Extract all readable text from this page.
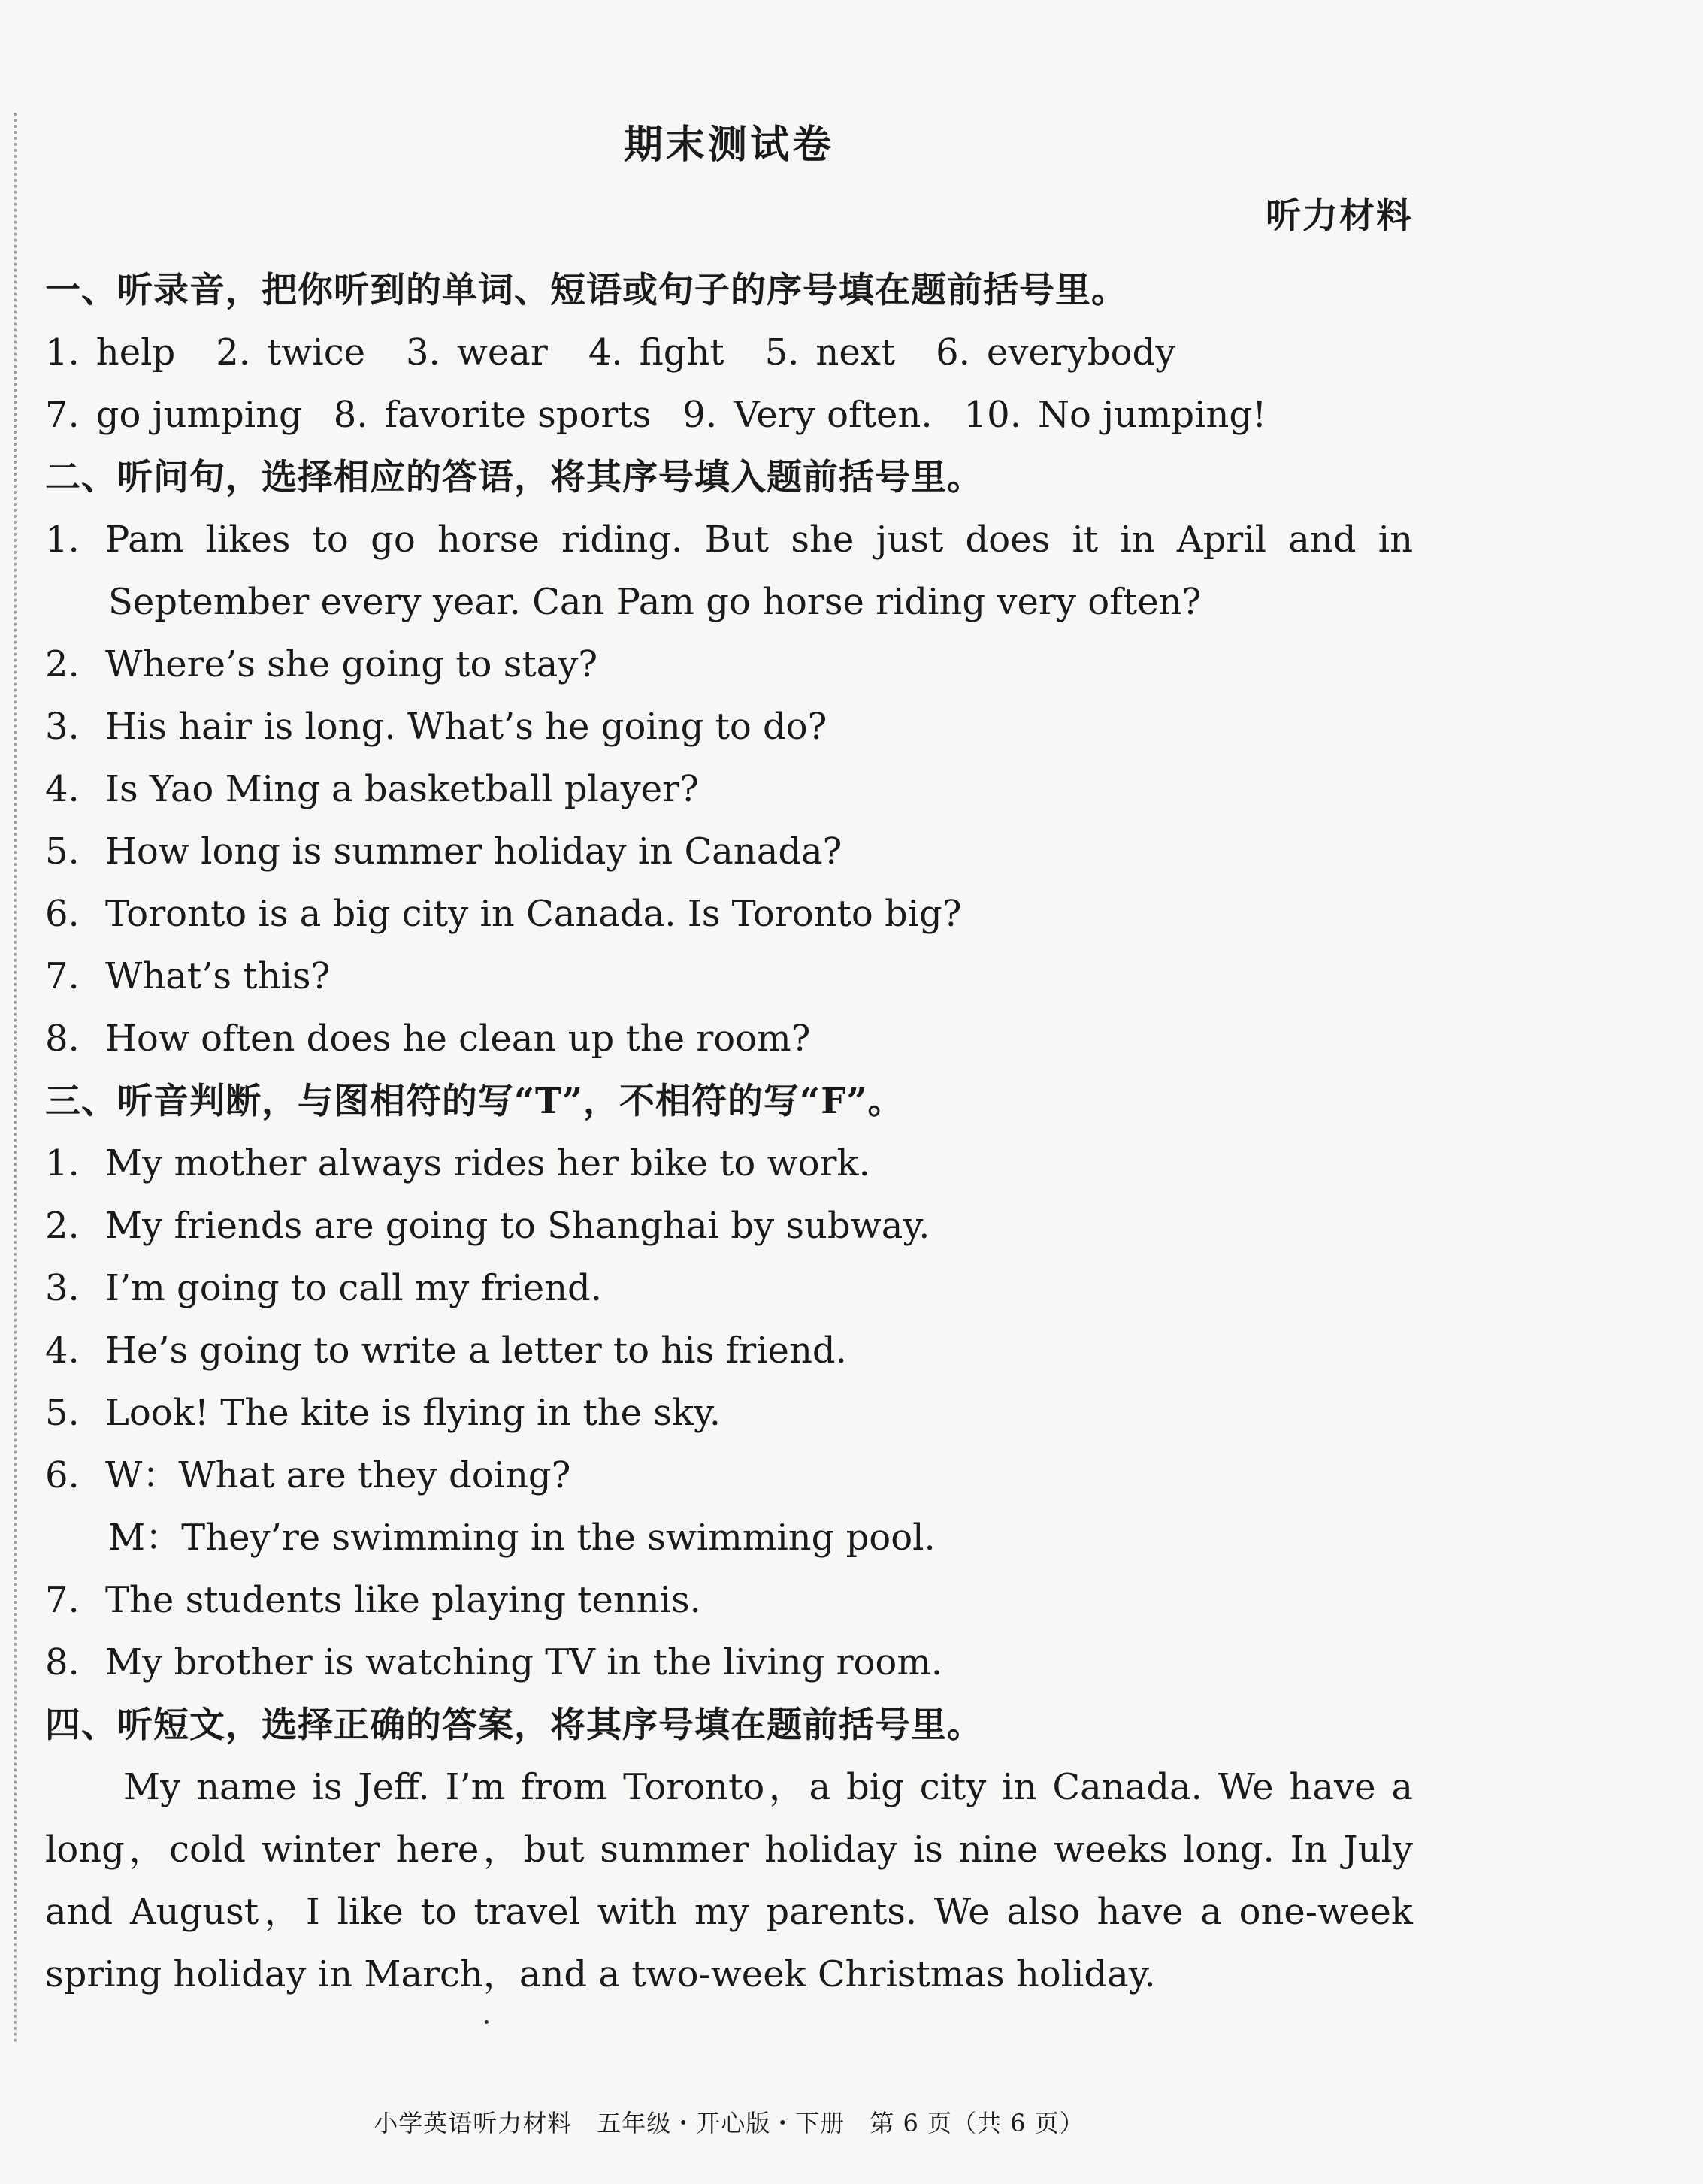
期末测试卷
听力材料
一、听录音，把你听到的单词、短语或句子的序号填在题前括号里。
1. help 2. twice 3. wear 4. fight 5. next 6. everybody
7. go jumping 8. favorite sports 9. Very often. 10. No jumping!
二、听问句，选择相应的答语，将其序号填入题前括号里。
1. Pam likes to go horse riding. But she just does it in April and in
September every year. Can Pam go horse riding very often?
2. Where’s she going to stay?
3. His hair is long. What’s he going to do?
4. Is Yao Ming a basketball player?
5. How long is summer holiday in Canada?
6. Toronto is a big city in Canada. Is Toronto big?
7. What’s this?
8. How often does he clean up the room?
三、听音判断，与图相符的写“T”，不相符的写“F”。
1. My mother always rides her bike to work.
2. My friends are going to Shanghai by subway.
3. I’m going to call my friend.
4. He’s going to write a letter to his friend.
5. Look! The kite is flying in the sky.
6. W：What are they doing?
M：They’re swimming in the swimming pool.
7. The students like playing tennis.
8. My brother is watching TV in the living room.
四、听短文，选择正确的答案，将其序号填在题前括号里。
My name is Jeff. I’m from Toronto，a big city in Canada. We have a long，cold winter here，but summer holiday is nine weeks long. In July and August，I like to travel with my parents. We also have a one-week spring holiday in March，and a two-week Christmas holiday.
小学英语听力材料　五年级・开心版・下册　第 6 页（共 6 页）
